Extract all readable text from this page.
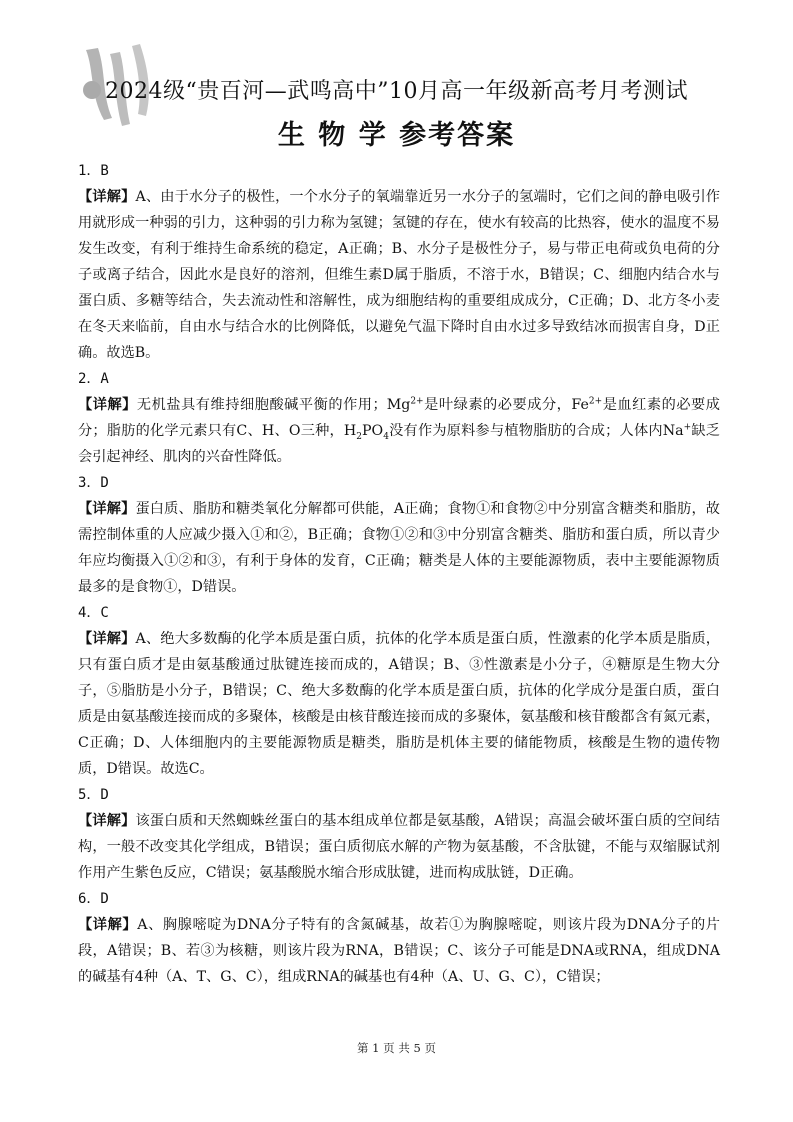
2024级“贵百河—武鸣高中”10月高一年级新高考月考测试
生 物 学 参考答案
1．B
【详解】A、由于水分子的极性，一个水分子的氧端靠近另一水分子的氢端时，它们之间的静电吸引作用就形成一种弱的引力，这种弱的引力称为氢键；氢键的存在，使水有较高的比热容，使水的温度不易发生改变，有利于维持生命系统的稳定，A正确；B、水分子是极性分子，易与带正电荷或负电荷的分子或离子结合，因此水是良好的溶剂，但维生素D属于脂质，不溶于水，B错误；C、细胞内结合水与蛋白质、多糖等结合，失去流动性和溶解性，成为细胞结构的重要组成成分，C正确；D、北方冬小麦在冬天来临前，自由水与结合水的比例降低，以避免气温下降时自由水过多导致结冰而损害自身，D正确。故选B。
2．A
【详解】无机盐具有维持细胞酸碱平衡的作用；$Mg^{2+}$是叶绿素的必要成分，$Fe^{2+}$是血红素的必要成分；脂肪的化学元素只有C、H、O三种，$H_2PO_4$没有作为原料参与植物脂肪的合成；人体内Na+缺乏会引起神经、肌肉的兴奋性降低。
3．D
【详解】蛋白质、脂肪和糖类氧化分解都可供能，A正确；食物①和食物②中分别富含糖类和脂肪，故需控制体重的人应减少摄入①和②，B正确；食物①②和③中分别富含糖类、脂肪和蛋白质，所以青少年应均衡摄入①②和③，有利于身体的发育，C正确；糖类是人体的主要能源物质，表中主要能源物质最多的是食物①，D错误。
4．C
【详解】A、绝大多数酶的化学本质是蛋白质，抗体的化学本质是蛋白质，性激素的化学本质是脂质，只有蛋白质才是由氨基酸通过肽键连接而成的，A错误；B、③性激素是小分子，④糖原是生物大分子，⑤脂肪是小分子，B错误；C、绝大多数酶的化学本质是蛋白质，抗体的化学成分是蛋白质，蛋白质是由氨基酸连接而成的多聚体，核酸是由核苷酸连接而成的多聚体，氨基酸和核苷酸都含有氮元素，C正确；D、人体细胞内的主要能源物质是糖类，脂肪是机体主要的储能物质，核酸是生物的遗传物质，D错误。故选C。
5．D
【详解】该蛋白质和天然蜘蛛丝蛋白的基本组成单位都是氨基酸，A错误；高温会破坏蛋白质的空间结构，一般不改变其化学组成，B错误；蛋白质彻底水解的产物为氨基酸，不含肽键，不能与双缩脲试剂作用产生紫色反应，C错误；氨基酸脱水缩合形成肽键，进而构成肽链，D正确。
6．D
【详解】A、胸腺嘧啶为DNA分子特有的含氮碱基，故若①为胸腺嘧啶，则该片段为DNA分子的片段，A错误；B、若③为核糖，则该片段为RNA，B错误；C、该分子可能是DNA或RNA，组成DNA的碱基有4种（A、T、G、C），组成RNA的碱基也有4种（A、U、G、C），C错误；
第 1 页 共 5 页
